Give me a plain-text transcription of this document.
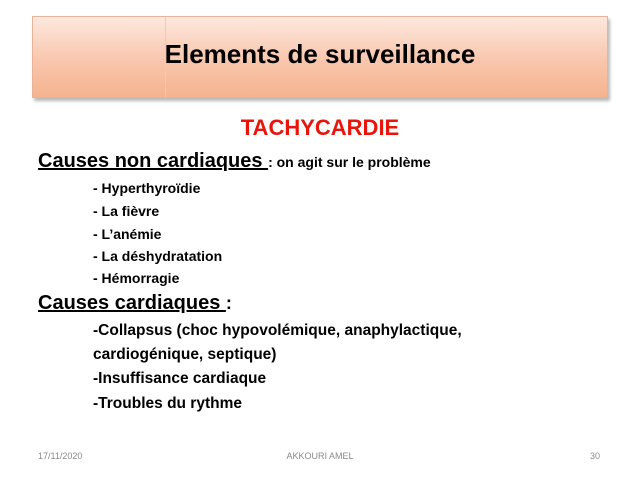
Elements de surveillance
TACHYCARDIE
Causes non cardiaques : on agit sur le problème
- Hyperthyroïdie
- La fièvre
- L’anémie
- La déshydratation
- Hémorragie
Causes cardiaques :
-Collapsus (choc hypovolémique, anaphylactique,
cardiogénique, septique)
-Insuffisance cardiaque
-Troubles du rythme
17/11/2020	AKKOURI AMEL	30
